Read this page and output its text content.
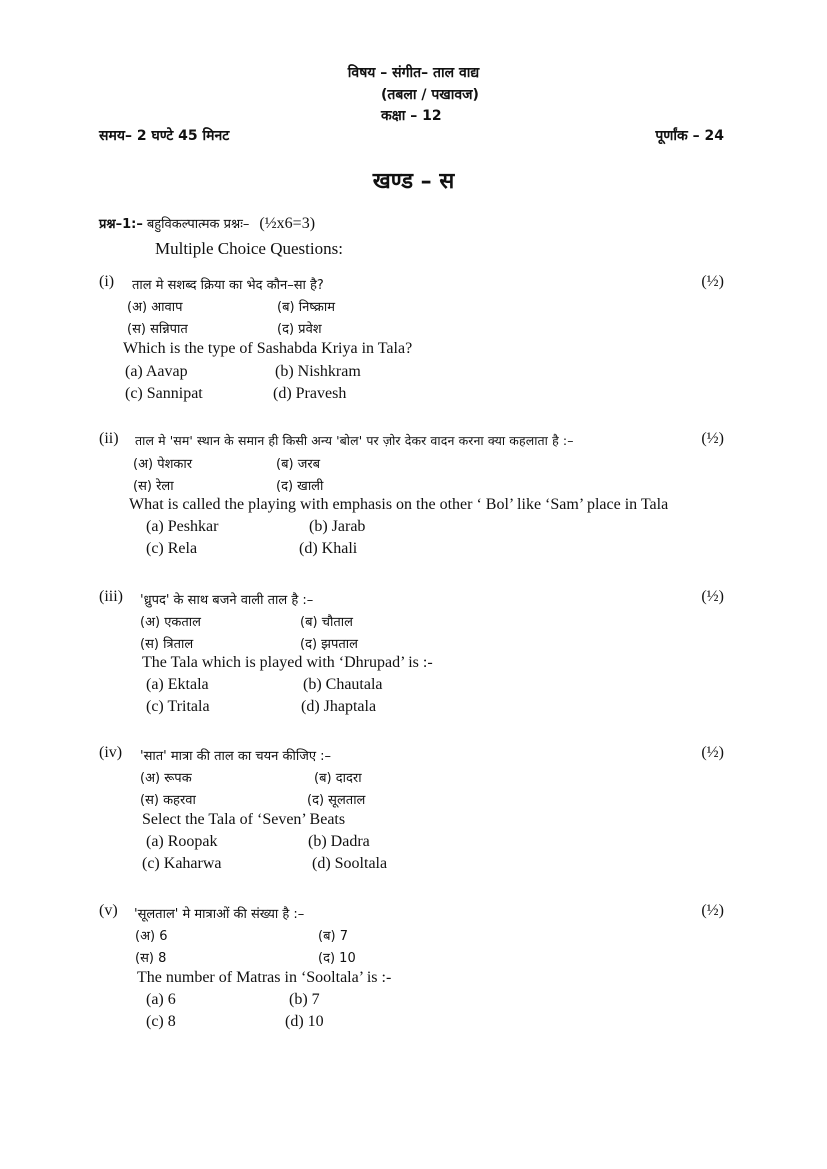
विषय – संगीत– ताल वाद्य
(तबला / पखावज)
कक्षा – 12
समय– 2 घण्टे 45 मिनट	पूर्णांक – 24
खण्ड – स
प्रश्न–1:– बहुविकल्पात्मक प्रश्नः– (½x6=3)
Multiple Choice Questions:
(i) ताल मे सशब्द क्रिया का भेद कौन–सा है?	(½)
(अ) आवाप	(ब) निष्क्राम
(स) सन्निपात	(द) प्रवेश
Which is the type of Sashabda Kriya in Tala?
(a) Aavap	(b) Nishkram
(c) Sannipat	(d) Pravesh
(ii) ताल मे 'सम' स्थान के समान ही किसी अन्य 'बोल' पर ज़ोर देकर वादन करना क्या कहलाता है :–	(½)
(अ) पेशकार	(ब) जरब
(स) रेला	(द) खाली
What is called the playing with emphasis on the other ‘ Bol’ like ‘Sam’ place in Tala
(a) Peshkar	(b) Jarab
(c) Rela	(d) Khali
(iii) 'ध्रुपद' के साथ बजने वाली ताल है :–	(½)
(अ) एकताल	(ब) चौताल
(स) त्रिताल	(द) झपताल
The Tala which is played with ‘Dhrupad’ is :-
(a) Ektala	(b) Chautala
(c) Tritala	(d) Jhaptala
(iv) 'सात' मात्रा की ताल का चयन कीजिए :–	(½)
(अ) रूपक	(ब) दादरा
(स) कहरवा	(द) सूलताल
Select the Tala of ‘Seven’ Beats
(a) Roopak	(b) Dadra
(c) Kaharwa	(d) Sooltala
(v) 'सूलताल' मे मात्राओं की संख्या है :–	(½)
(अ) 6	(ब) 7
(स) 8	(द) 10
The number of Matras in ‘Sooltala’ is :-
(a) 6	(b) 7
(c) 8	(d) 10
